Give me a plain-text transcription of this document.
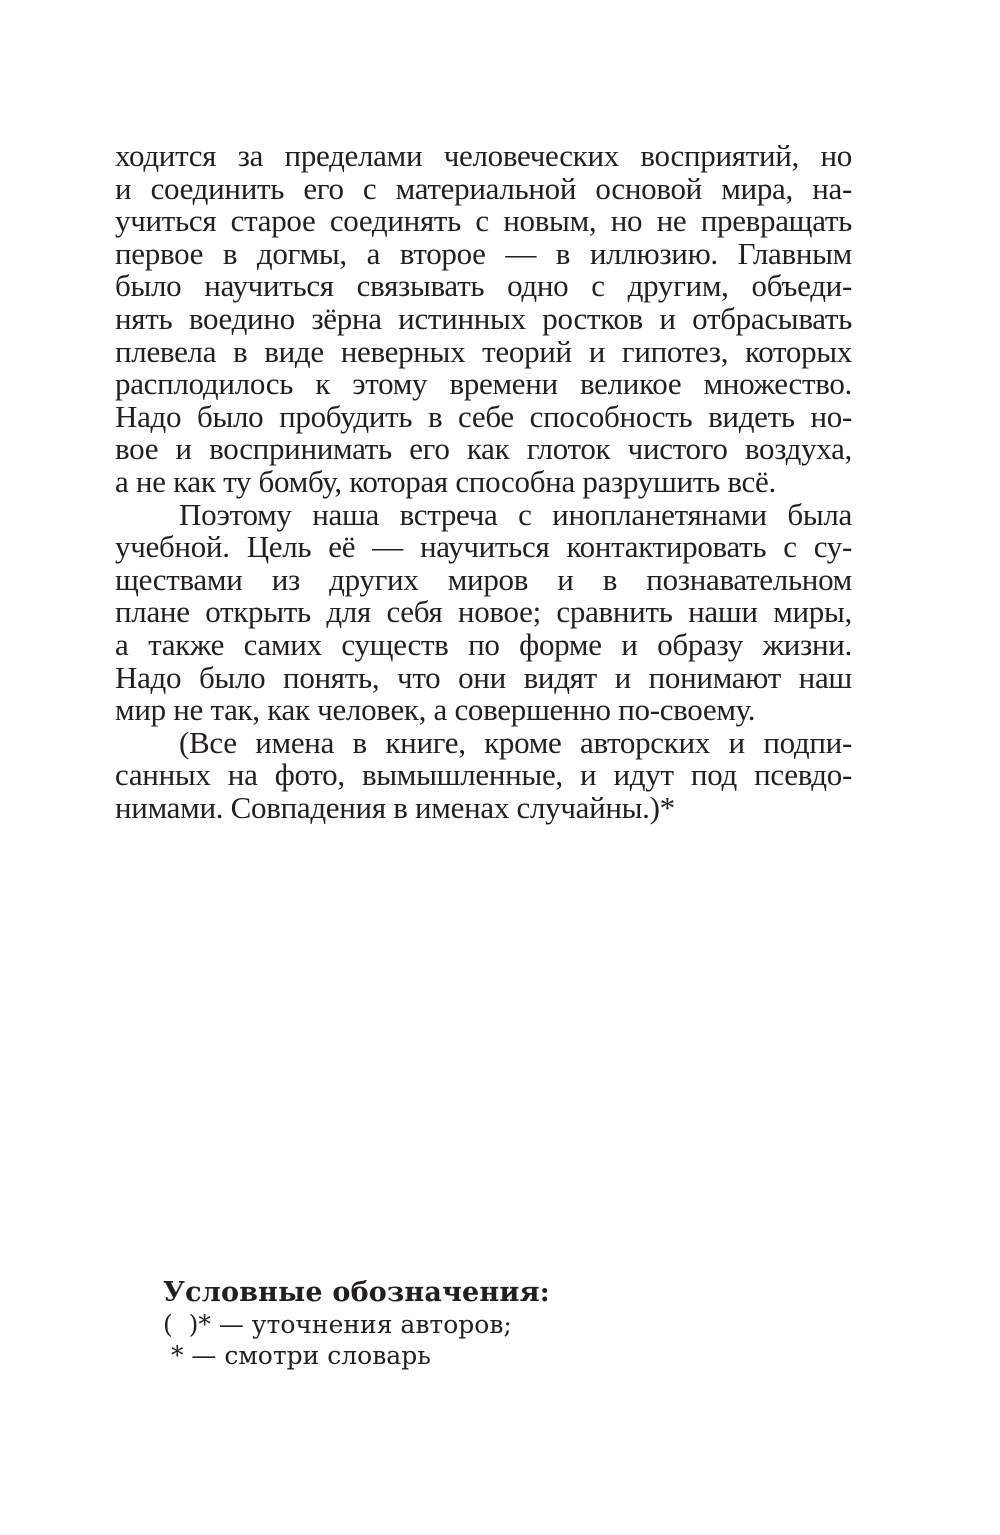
ходится за пределами человеческих восприятий, но
и соединить его с материальной основой мира, на-
учиться старое соединять с новым, но не превращать
первое в догмы, а второе — в иллюзию. Главным
было научиться связывать одно с другим, объеди-
нять воедино зёрна истинных ростков и отбрасывать
плевела в виде неверных теорий и гипотез, которых
расплодилось к этому времени великое множество.
Надо было пробудить в себе способность видеть но-
вое и воспринимать его как глоток чистого воздуха,
а не как ту бомбу, которая способна разрушить всё.
Поэтому наша встреча с инопланетянами была
учебной. Цель её — научиться контактировать с су-
ществами из других миров и в познавательном
плане открыть для себя новое; сравнить наши миры,
а также самих существ по форме и образу жизни.
Надо было понять, что они видят и понимают наш
мир не так, как человек, а совершенно по-своему.
(Все имена в книге, кроме авторских и подпи-
санных на фото, вымышленные, и идут под псевдо-
нимами. Совпадения в именах случайны.)*
Условные обозначения:
(  )* — уточнения авторов;
* — смотри словарь
